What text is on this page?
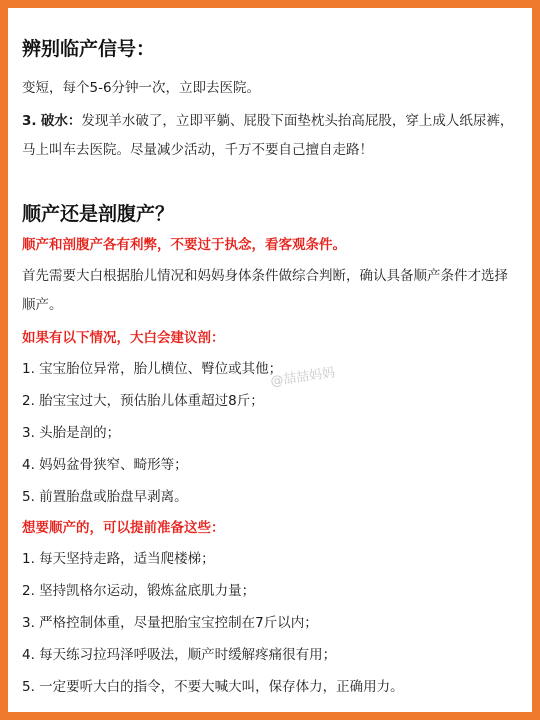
辨别临产信号：

变短，每个5-6分钟一次，立即去医院。

3. 破水：发现羊水破了，立即平躺、屁股下面垫枕头抬高屁股，穿上成人纸尿裤，马上叫车去医院。尽量减少活动，千万不要自己擅自走路！

顺产还是剖腹产？

顺产和剖腹产各有利弊，不要过于执念，看客观条件。

首先需要大白根据胎儿情况和妈妈身体条件做综合判断，确认具备顺产条件才选择顺产。

如果有以下情况，大白会建议剖：

1. 宝宝胎位异常，胎儿横位、臀位或其他；

2. 胎宝宝过大，预估胎儿体重超过8斤；

3. 头胎是剖的；

4. 妈妈盆骨狭窄、畸形等；

5. 前置胎盘或胎盘早剥离。

想要顺产的，可以提前准备这些：

1. 每天坚持走路，适当爬楼梯；

2. 坚持凯格尔运动，锻炼盆底肌力量；

3. 严格控制体重，尽量把胎宝宝控制在7斤以内；

4. 每天练习拉玛泽呼吸法，顺产时缓解疼痛很有用；

5. 一定要听大白的指令，不要大喊大叫，保存体力，正确用力。

@喆喆妈妈
